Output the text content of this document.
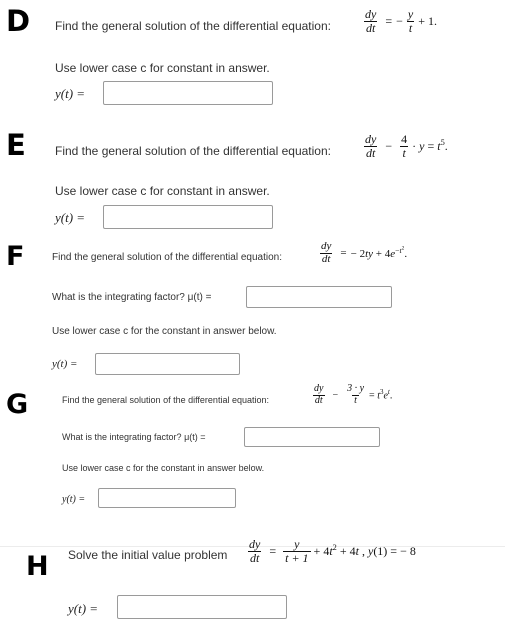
D Find the general solution of the differential equation:	$\frac{dy}{dt}$ = − $\frac{y}{t} + 1$.
Use lower case c for constant in answer.
y(t) =
E Find the general solution of the differential equation:	$\frac{dy}{dt} - \frac{4}{t} \cdot y = t^5$.
Use lower case c for constant in answer.
y(t) =
F	Find the general solution of the differential equation:	$\frac{dy}{dt}$ = − $2ty + 4e^{-t^2}$.
What is the integrating factor? μ(t) =
Use lower case c for the constant in answer below.
y(t) =
G	Find the general solution of the differential equation:	$\frac{dy}{dt} - \frac{3 \cdot y}{t} = t^3e^t$.
What is the integrating factor? μ(t) =
Use lower case c for the constant in answer below.
y(t) =
H Solve the initial value problem $\frac{dy}{dt} = \frac{y}{t + 1} + 4t^2 + 4t$ , y(1) = − 8
y(t) =
